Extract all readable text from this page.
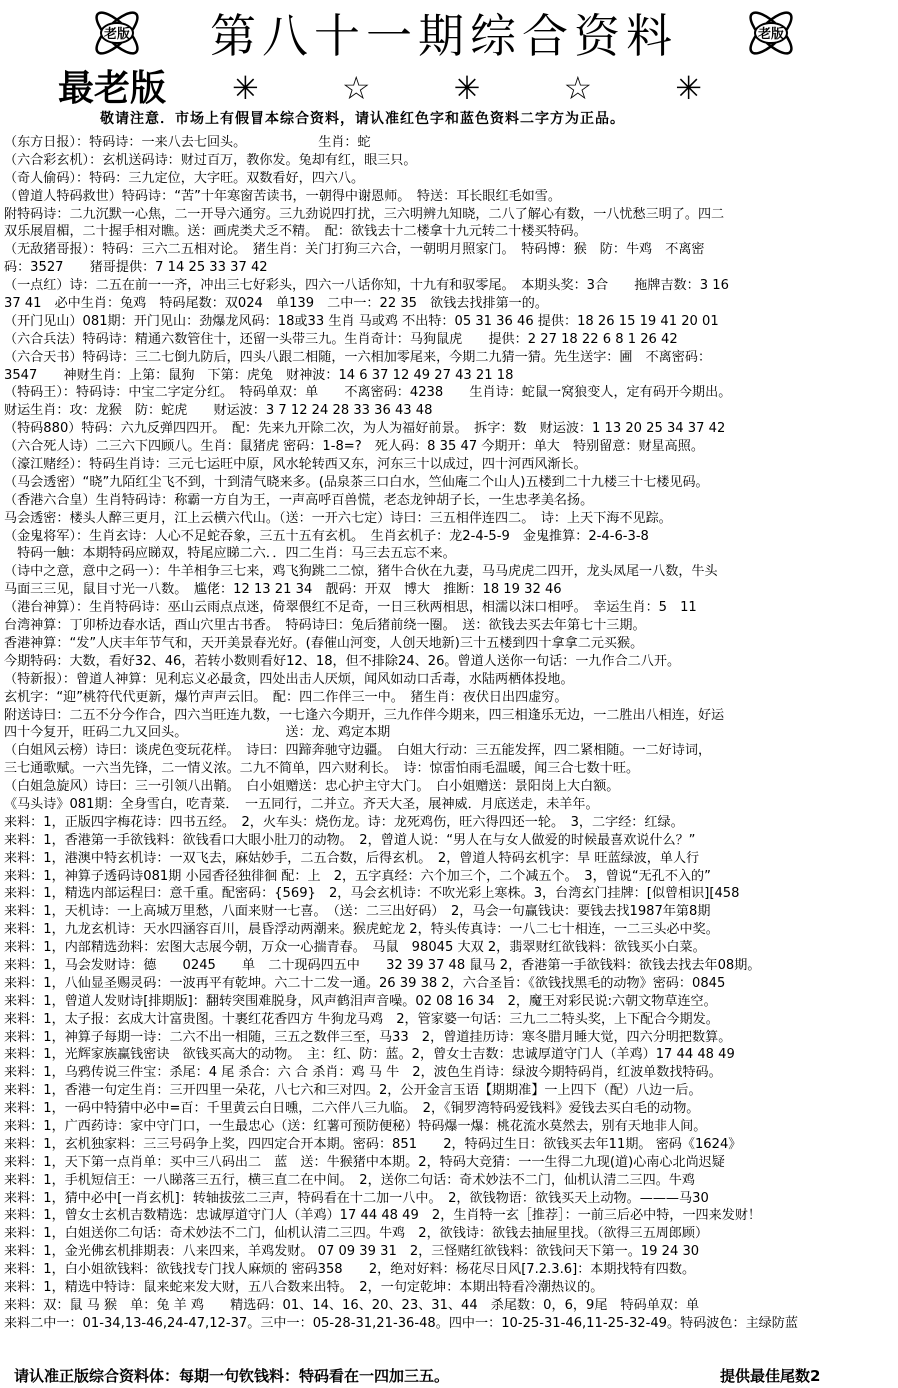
老版	老版
第八十一期综合资料
最老版 ✳	☆	✳	☆	✳
敬请注意．市场上有假冒本综合资料，请认准红色字和蓝色资料二字方为正品。
（东方日报）：特码诗：一来八去七回头。　　　　　　生肖：蛇
（六合彩玄机）：玄机送码诗：财过百万，教你发。兔却有红，眼三只。
（奇人偷码）：特码：三九定位，大字旺。双数看好，四六八。
（曾道人特码救世）特码诗：“苦”十年寒窗苦读书，一朝得中谢恩师。　特送：耳长眼红毛如雪。
附特码诗：二九沉默一心焦，二一开导六通穷。三九劲说四打扰，三六明辨九知晓，二八了解心有数，一八忧愁三明了。四二
双乐展眉楣，二十握手相对瞧。送：画虎类犬乏不精。　配：欲钱去十二楼拿十九元转二十楼买特码。
（无敌猪哥报）：特码：三六二五相对论。　猪生肖：关门打狗三六合，一朝明月照家门。　特码博：猴　防：牛鸡　不离密
码：3527　　猪哥提供：7 14 25 33 37 42
（一点红）诗：二五在前一一齐，冲出三七好彩头，四六一八话你知，十九有和驭零尾。　本期头奖：3合　　拖牌吉数：3 16
37 41　必中生肖：兔鸡　特码尾数：双024　单139　二中一：22 35　欲钱去找排第一的。
（开门见山）081期：开门见山：劲爆龙风码：18或33 生肖 马或鸡 不出特：05 31 36 46 提供：18 26 15 19 41 20 01
（六合兵法）特码诗：精通六数管住十，还留一头带三九。生肖奇计：马狗鼠虎　　提供：2 27 18 22 6 8 1 26 42
（六合天书）特码诗：三二七倒九防后，四头八跟二相随，一六相加零尾来，今期二九猜一猜。先生送字：圃　不离密码：
3547　　神财生肖：上第：鼠狗　下第：虎兔　财神波：14 6 37 12 49 27 43 21 18
（特码王）：特码诗：中宝二字定分红。　特码单双：单　　不离密码：4238　　生肖诗：蛇鼠一窝狼变人，定有码开今期出。
财运生肖：攻：龙猴　防：蛇虎　　财运波：3 7 12 24 28 33 36 43 48
（特码880）特码：六九反弹四四开。　配：先来九开除二次，为人为福好前景。　拆字：数　财运波：1 13 20 25 34 37 42
（六合死人诗）二三六下四顾八。生肖：鼠猪虎 密码：1-8=?　死人码：8 35 47 今期开：单大　特别留意：财星高照。
（濠江赌经）：特码生肖诗：三元七运旺中原，风水轮转西又东，河东三十以成过，四十河西风渐长。
（马会透密）“晓”九陌红尘飞不到，十到清气晓来多。(品泉茶三口白水，竺仙庵二个山人)五楼到二十九楼三十七楼见码。
（香港六合皇）生肖特码诗：称霸一方自为王，一声高呼百兽慌，老态龙钟胡子长，一生忠孝美名扬。
马会透密：楼头人醉三更月，江上云横六代山。（送：一开六七定）诗曰：三五相伴连四二。　诗：上天下海不见踪。
（金鬼将军）：生肖玄诗：人心不足蛇吞象，三五十五有玄机。　生肖玄机子：龙2-4-5-9　金鬼推算：2-4-6-3-8
　特码一触：本期特码应睇双，特尾应睇二六．．四二生肖：马三去五忘不来。
（诗中之意，意中之码一）：牛羊相争三七来，鸡飞狗跳二二惊，猪牛合伙在九妻，马马虎虎二四开，龙头凤尾一八数，牛头
马面三三见，鼠目寸光一八数。　尴佬：12 13 21 34　靓码：开双　博大　推断：18 19 32 46
（港台神算）：生肖特码诗：巫山云雨点点迷，倚翠偎红不足奇，一日三秋两相思，相濡以沫口相呼。　幸运生肖：5　11
台湾神算：丁卯桥边春水话，酉山穴里古书香。　特码诗曰：兔后猪前绕一圈。　送：欲钱去买去年第七十三期。
香港神算：“发”人庆丰年节气和，天开美景春光好。(春催山河变，人创天地新)三十五楼到四十拿拿二元买猴。
今期特码：大数，看好32、46，若转小数则看好12、18，但不排除24、26。曾道人送你一句话：一九作合二八开。
（特新报）：曾道人神算：见利忘义必最贪，四处出击人厌烦，闻风如动口舌毒，水陆两栖体投地。
玄机字：“迎”桃符代代更新，爆竹声声云旧。　配：四二作伴三一中。　猪生肖：夜伏日出四虚穷。
附送诗曰：二五不分今作合，四六当旺连九数，一七逢六今期开，三九作伴今期来，四三相逢乐无边，一二胜出八相连，好运
四十今复开，旺码二九又回头。　　　　　　　　送：龙、鸡定本期
（白姐风云榜）诗曰：谈虎色变玩花样。　诗曰：四蹄奔驰守边疆。　白姐大行动：三五能发挥，四二紧相随。一二好诗词，
三七通歌赋。一六当先锋，二一情义浓。二九不简单，四六财利长。　诗：惊雷怕雨毛温暖，闻三合七数十旺。
（白姐急旋风）诗曰：三一引领八出鞘。　白小姐赠送：忠心护主守大门。　白小姐赠送：景阳岗上大白额。
《马头诗》081期：全身雪白，吃青菜．　一五同行，二并立。齐天大圣，展神威．月底送走，未羊年。
来料：1，正版四字梅花诗：四书五经。　2，火车头：烧伤龙。诗：龙死鸡伤，旺六得四还一轮。　3，二字经：红绿。
来料：1，香港第一手欲钱料：欲钱看口大眼小肚刀的动物。　2，曾道人说：“男人在与女人做爱的时候最喜欢说什么？”
来料：1，港澳中特玄机诗：一双飞去，麻姑妙手，二五合数，后得玄机。　2，曾道人特码玄机字：旱 旺蓝绿波，单人行
来料：1，神算子透码诗081期 小园香径独徘徊 配：上　2，五字真经：六个加三个，二个减五个。　3，曾说“无孔不入的”
来料：1，精选内部运程曰：意千重。配密码：{569}　2，马会玄机诗：不吹光彩上寒株。3，台湾玄门挂牌：[似曾相识][458
来料：1，天机诗：一上高城万里愁，八面来财一七喜。　（送：二三出好码）　2，马会一句赢钱诀：要钱去找1987年第8期
来料：1，九龙玄机诗：天水四涵容百川，晨昏浮动两潮来。猴虎蛇龙 2，特头传真诗：一八二七十相连，一二三头必中奖。
来料：1，内部精选劲料：宏图大志展今朝，万众一心揣青春。　马鼠　98045 大双 2，翡翠财红欲钱料：欲钱买小白菜。
来料：1，马会发财诗：德　　0245　　单　二十现码四五中　　32 39 37 48 鼠马 2，香港第一手欲钱料：欲钱去找去年08期。
来料：1，八仙显圣赐灵码：一波再平有乾坤。六二十二发一通。26 39 38 2，六合圣旨：《欲钱找黑毛的动物》密码：0845
来料：1，曾道人发财诗[排期版]：翻转突围难脱身，风声鹤泪声音噪。02 08 16 34　2，魔王对彩民说:六朝文物草连空。
来料：1，太子报：玄成大计富贵图。十裹红花香四方 牛狗龙马鸡　2，管家婆一句话：三九二二特头奖，上下配合今期发。
来料：1，神算子每期一诗：二六不出一相随，三五之数伴三至，马33　2，曾道挂历诗：寒冬腊月睡大觉，四六分明把数算。
来料：1，光辉家族赢钱密诀　欲钱买高大的动物。　主：红、防：蓝。2，曾女士吉数：忠诚厚道守门人（羊鸡）17 44 48 49
来料：1，乌鸦传说三件宝：杀尾：4 尾 杀合：六 合 杀肖：鸡 马 牛　2，波色生肖诗：绿波今期特码肖，红波单数找特码。
来料：1，香港一句定生肖：三开四里一朵花，八七六和三对四。2，公开金言玉语【期期准】一上四下（配）八边一后。
来料：1，一码中特猜中必中=百：千里黄云白日曛，二六伴八三九临。　2，《铜罗湾特码爱钱料》爱钱去买白毛的动物。
来料：1，广西药诗：家中守门口，一生最忠心（送：红薯可预防便秘）特码爆一爆：桃花流水莫然去，别有天地非人间。
来料：1，玄机独家料：三三号码争上奖，四四定合开本期。密码：851　　2，特码过生日：欲钱买去年11期。 密码《1624》
来料：1，天下第一点肖单：买中三八码出二　蓝　送：牛猴猪中本期。2，特码大竞猜：一一生得二九现(道)心南心北尚迟疑
来料：1，手机短信王：一八睇落三五行，横三直二在中间。　2，送你二句话：奇术妙法不二门，仙机认清二三四。牛鸡
来料：1，猜中必中[一肖玄机]：转轴拔弦二三声，特码看在十二加一八中。　2，欲钱物语：欲钱买天上动物。———马30
来料：1，曾女士玄机吉数精选：忠诚厚道守门人（羊鸡）17 44 48 49　2，生肖特一玄［推荐］：一前三后必中特，一四来发财！
来料：1，白姐送你二句话：奇术妙法不二门，仙机认清二三四。牛鸡　2，欲钱诗：欲钱去抽屉里找。（欲得三五周郎顾）
来料：1，金光佛玄机排期表：八来四来，羊鸡发财。 07 09 39 31　2，三怪赌红欲钱料：欲钱问天下第一。19 24 30
来料：1，白小姐欲钱料：欲钱找专门找人麻烦的 密码358　　2，绝对好料：杨花尽日风[7.2.3.6]：本期找特有四数。
来料：1，精选中特诗：鼠来蛇来发大财，五八合数来出特。　2，一句定乾坤：本期出特看冷潮热议的。
来料：双：鼠 马 猴　单：兔 羊 鸡　　精选码：01、14、16、20、23、31、44　杀尾数：0，6，9尾　特码单双：单
来料二中一：01-34,13-46,24-47,12-37。三中一：05-28-31,21-36-48。四中一：10-25-31-46,11-25-32-49。特码波色：主绿防蓝
请认准正版综合资料体：每期一句钦钱料：特码看在一四加三五。	提供最佳尾数2
